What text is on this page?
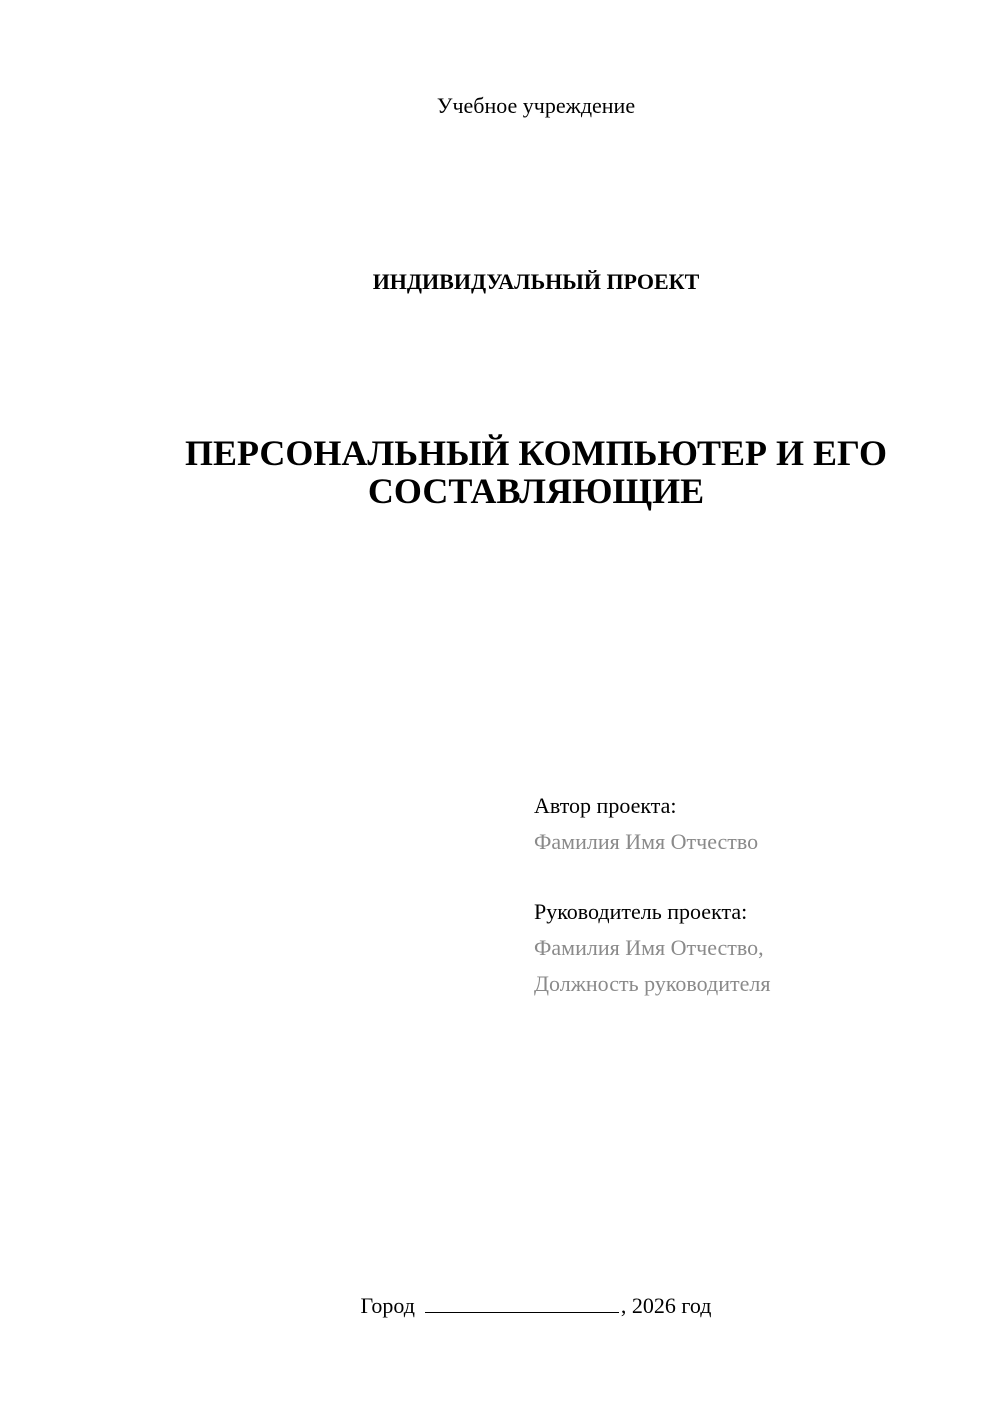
Учебное учреждение
ИНДИВИДУАЛЬНЫЙ ПРОЕКТ
ПЕРСОНАЛЬНЫЙ КОМПЬЮТЕР И ЕГО
СОСТАВЛЯЮЩИЕ
Автор проекта:
Фамилия Имя Отчество
Руководитель проекта:
Фамилия Имя Отчество,
Должность руководителя
Город	, 2026 год
